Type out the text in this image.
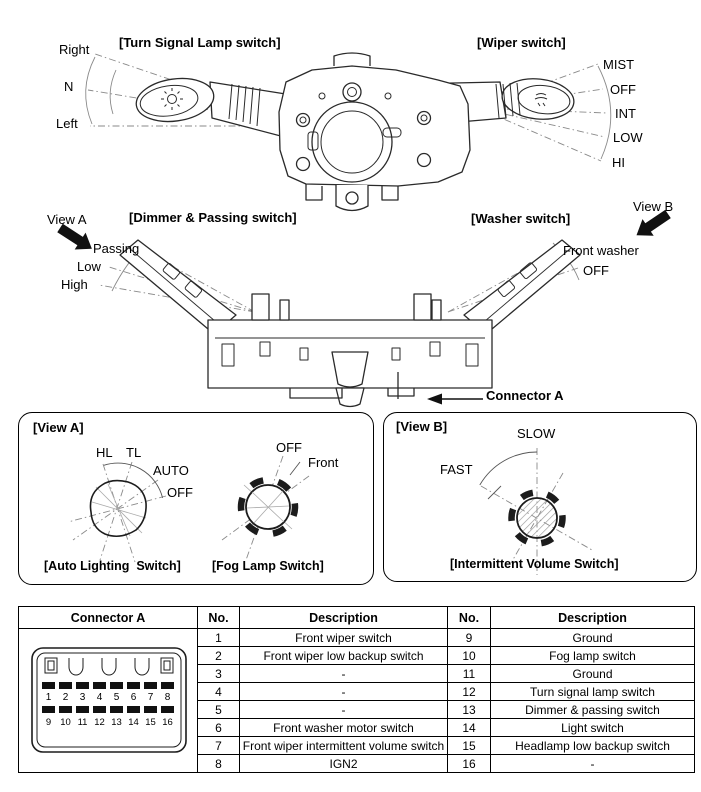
[Turn Signal Lamp switch]
Right
N
Left
[Wiper switch]
MIST
OFF
INT
LOW
HI
View A	[Dimmer & Passing switch]
Passing
Low
High
[Washer switch]
View B
Front washer
OFF
Connector A
[View A]
HL TL
AUTO
OFF
[Auto Lighting  Switch]
OFF
Front
[Fog Lamp Switch]
[View B]	SLOW
FAST
[Intermittent Volume Switch]
Connector A	No.	Description	No.	Description

1 2 3 4 5 6 7 8
9 10 11 12 13 14 15 16
	1	Front wiper switch	9	Ground
	2	Front wiper low backup switch	10	Fog lamp switch
	3	-	11	Ground
	4	-	12	Turn signal lamp switch
	5	-	13	Dimmer & passing switch
	6	Front washer motor switch	14	Light switch
	7	Front wiper intermittent volume switch	15	Headlamp low backup switch
	8	IGN2	16	-
